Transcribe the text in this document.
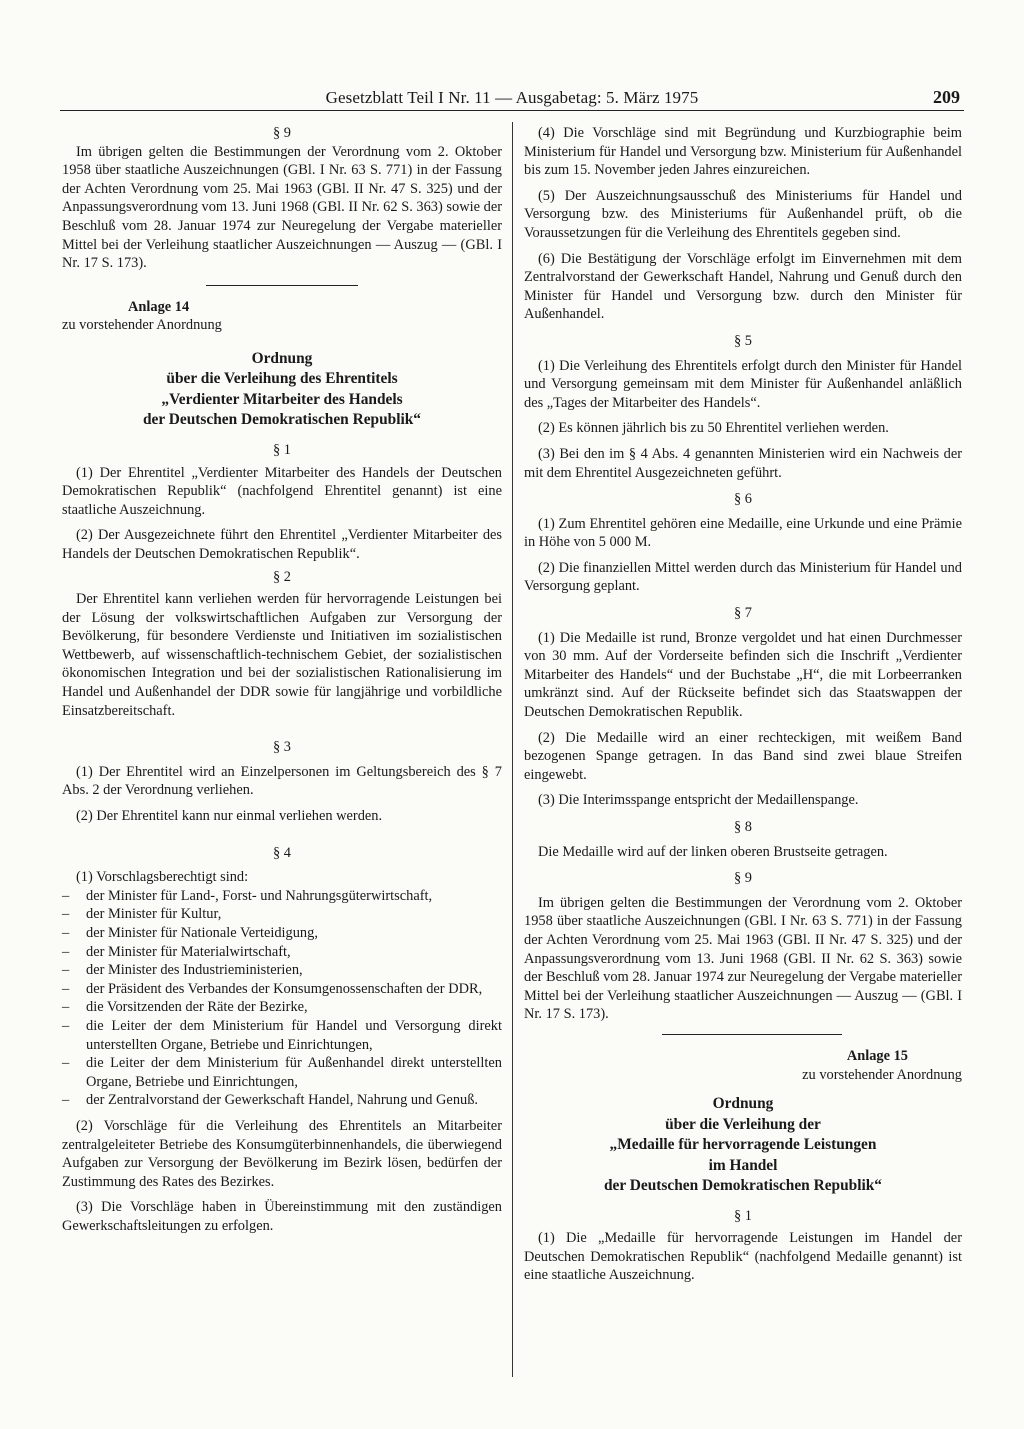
Gesetzblatt Teil I Nr. 11 — Ausgabetag: 5. März 1975	209

§ 9

Im übrigen gelten die Bestimmungen der Verordnung vom 2. Oktober 1958 über staatliche Auszeichnungen (GBl. I Nr. 63 S. 771) in der Fassung der Achten Verordnung vom 25. Mai 1963 (GBl. II Nr. 47 S. 325) und der Anpassungsverordnung vom 13. Juni 1968 (GBl. II Nr. 62 S. 363) sowie der Beschluß vom 28. Januar 1974 zur Neuregelung der Vergabe materieller Mittel bei der Verleihung staatlicher Auszeichnungen — Auszug — (GBl. I Nr. 17 S. 173).

Anlage 14

zu vorstehender Anordnung

Ordnung
über die Verleihung des Ehrentitels
„Verdienter Mitarbeiter des Handels
der Deutschen Demokratischen Republik“

§ 1

(1) Der Ehrentitel „Verdienter Mitarbeiter des Handels der Deutschen Demokratischen Republik“ (nachfolgend Ehrentitel genannt) ist eine staatliche Auszeichnung.

(2) Der Ausgezeichnete führt den Ehrentitel „Verdienter Mitarbeiter des Handels der Deutschen Demokratischen Republik“.

§ 2

Der Ehrentitel kann verliehen werden für hervorragende Leistungen bei der Lösung der volkswirtschaftlichen Aufgaben zur Versorgung der Bevölkerung, für besondere Verdienste und Initiativen im sozialistischen Wettbewerb, auf wissenschaftlich-technischem Gebiet, der sozialistischen ökonomischen Integration und bei der sozialistischen Rationalisierung im Handel und Außenhandel der DDR sowie für langjährige und vorbildliche Einsatzbereitschaft.

§ 3

(1) Der Ehrentitel wird an Einzelpersonen im Geltungsbereich des § 7 Abs. 2 der Verordnung verliehen.

(2) Der Ehrentitel kann nur einmal verliehen werden.

§ 4

(1) Vorschlagsberechtigt sind:

– der Minister für Land-, Forst- und Nahrungsgüterwirtschaft,
– der Minister für Kultur,
– der Minister für Nationale Verteidigung,
– der Minister für Materialwirtschaft,
– der Minister des Industrieministerien,
– der Präsident des Verbandes der Konsumgenossenschaften der DDR,
– die Vorsitzenden der Räte der Bezirke,
– die Leiter der dem Ministerium für Handel und Versorgung direkt unterstellten Organe, Betriebe und Einrichtungen,
– die Leiter der dem Ministerium für Außenhandel direkt unterstellten Organe, Betriebe und Einrichtungen,
– der Zentralvorstand der Gewerkschaft Handel, Nahrung und Genuß.

(2) Vorschläge für die Verleihung des Ehrentitels an Mitarbeiter zentralgeleiteter Betriebe des Konsumgüterbinnenhandels, die überwiegend Aufgaben zur Versorgung der Bevölkerung im Bezirk lösen, bedürfen der Zustimmung des Rates des Bezirkes.

(3) Die Vorschläge haben in Übereinstimmung mit den zuständigen Gewerkschaftsleitungen zu erfolgen.

(4) Die Vorschläge sind mit Begründung und Kurzbiographie beim Ministerium für Handel und Versorgung bzw. Ministerium für Außenhandel bis zum 15. November jeden Jahres einzureichen.

(5) Der Auszeichnungsausschuß des Ministeriums für Handel und Versorgung bzw. des Ministeriums für Außenhandel prüft, ob die Voraussetzungen für die Verleihung des Ehrentitels gegeben sind.

(6) Die Bestätigung der Vorschläge erfolgt im Einvernehmen mit dem Zentralvorstand der Gewerkschaft Handel, Nahrung und Genuß durch den Minister für Handel und Versorgung bzw. durch den Minister für Außenhandel.

§ 5

(1) Die Verleihung des Ehrentitels erfolgt durch den Minister für Handel und Versorgung gemeinsam mit dem Minister für Außenhandel anläßlich des „Tages der Mitarbeiter des Handels“.

(2) Es können jährlich bis zu 50 Ehrentitel verliehen werden.

(3) Bei den im § 4 Abs. 4 genannten Ministerien wird ein Nachweis der mit dem Ehrentitel Ausgezeichneten geführt.

§ 6

(1) Zum Ehrentitel gehören eine Medaille, eine Urkunde und eine Prämie in Höhe von 5 000 M.

(2) Die finanziellen Mittel werden durch das Ministerium für Handel und Versorgung geplant.

§ 7

(1) Die Medaille ist rund, Bronze vergoldet und hat einen Durchmesser von 30 mm. Auf der Vorderseite befinden sich die Inschrift „Verdienter Mitarbeiter des Handels“ und der Buchstabe „H“, die mit Lorbeerranken umkränzt sind. Auf der Rückseite befindet sich das Staatswappen der Deutschen Demokratischen Republik.

(2) Die Medaille wird an einer rechteckigen, mit weißem Band bezogenen Spange getragen. In das Band sind zwei blaue Streifen eingewebt.

(3) Die Interimsspange entspricht der Medaillenspange.

§ 8

Die Medaille wird auf der linken oberen Brustseite getragen.

§ 9

Im übrigen gelten die Bestimmungen der Verordnung vom 2. Oktober 1958 über staatliche Auszeichnungen (GBl. I Nr. 63 S. 771) in der Fassung der Achten Verordnung vom 25. Mai 1963 (GBl. II Nr. 47 S. 325) und der Anpassungsverordnung vom 13. Juni 1968 (GBl. II Nr. 62 S. 363) sowie der Beschluß vom 28. Januar 1974 zur Neuregelung der Vergabe materieller Mittel bei der Verleihung staatlicher Auszeichnungen — Auszug — (GBl. I Nr. 17 S. 173).

Anlage 15

zu vorstehender Anordnung

Ordnung
über die Verleihung der
„Medaille für hervorragende Leistungen
im Handel
der Deutschen Demokratischen Republik“

§ 1

(1) Die „Medaille für hervorragende Leistungen im Handel der Deutschen Demokratischen Republik“ (nachfolgend Medaille genannt) ist eine staatliche Auszeichnung.
